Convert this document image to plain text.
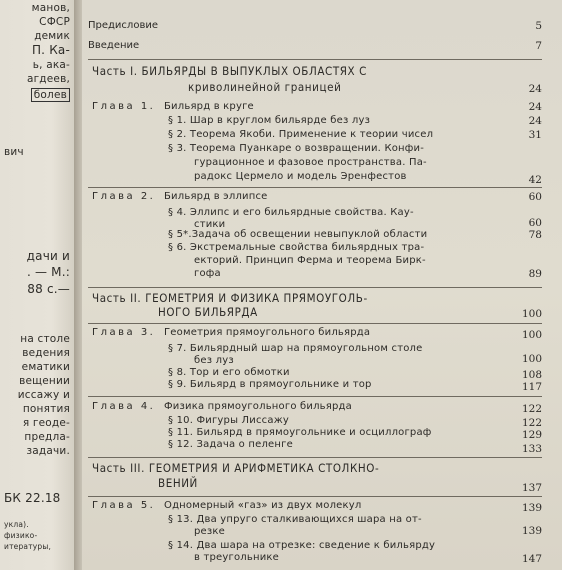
манов,
СФСР
демик
П. Ка-
ь, ака-
агдеев,
болев
вич
дачи и
. — М.:
88 с.—
на столе
ведения
ематики
вещении
иссажу и
понятия
я геоде-
предла-
задачи.
БК 22.18
укла).
физико-
итературы,
Предисловие	5
Введение	7
Часть I. БИЛЬЯРДЫ В ВЫПУКЛЫХ ОБЛАСТЯХ С
криволинейной границей	24
Глава 1. Бильярд в круге	24
§ 1. Шар в круглом бильярде без луз	24
§ 2. Теорема Якоби. Применение к теории чисел	31
§ 3. Теорема Пуанкаре о возвращении. Конфи-
гурационное и фазовое пространства. Па-
радокс Цермело и модель Эренфестов	42
Глава 2. Бильярд в эллипсе	60
§ 4. Эллипс и его бильярдные свойства. Кау-
стики	60
§ 5*.Задача об освещении невыпуклой области	78
§ 6. Экстремальные свойства бильярдных тра-
екторий. Принцип Ферма и теорема Бирк-
гофа	89
Часть II. ГЕОМЕТРИЯ И ФИЗИКА ПРЯМОУГОЛЬ-
НОГО БИЛЬЯРДА	100
Глава 3. Геометрия прямоугольного бильярда	100
§ 7. Бильярдный шар на прямоугольном столе
без луз	100
§ 8. Тор и его обмотки	108
§ 9. Бильярд в прямоугольнике и тор	117
Глава 4. Физика прямоугольного бильярда	122
§ 10. Фигуры Лиссажу	122
§ 11. Бильярд в прямоугольнике и осциллограф	129
§ 12. Задача о пеленге	133
Часть III. ГЕОМЕТРИЯ И АРИФМЕТИКА СТОЛКНО-
ВЕНИЙ	137
Глава 5. Одномерный «газ» из двух молекул	139
§ 13. Два упруго сталкивающихся шара на от-
резке	139
§ 14. Два шара на отрезке: сведение к бильярду
в треугольнике	147
